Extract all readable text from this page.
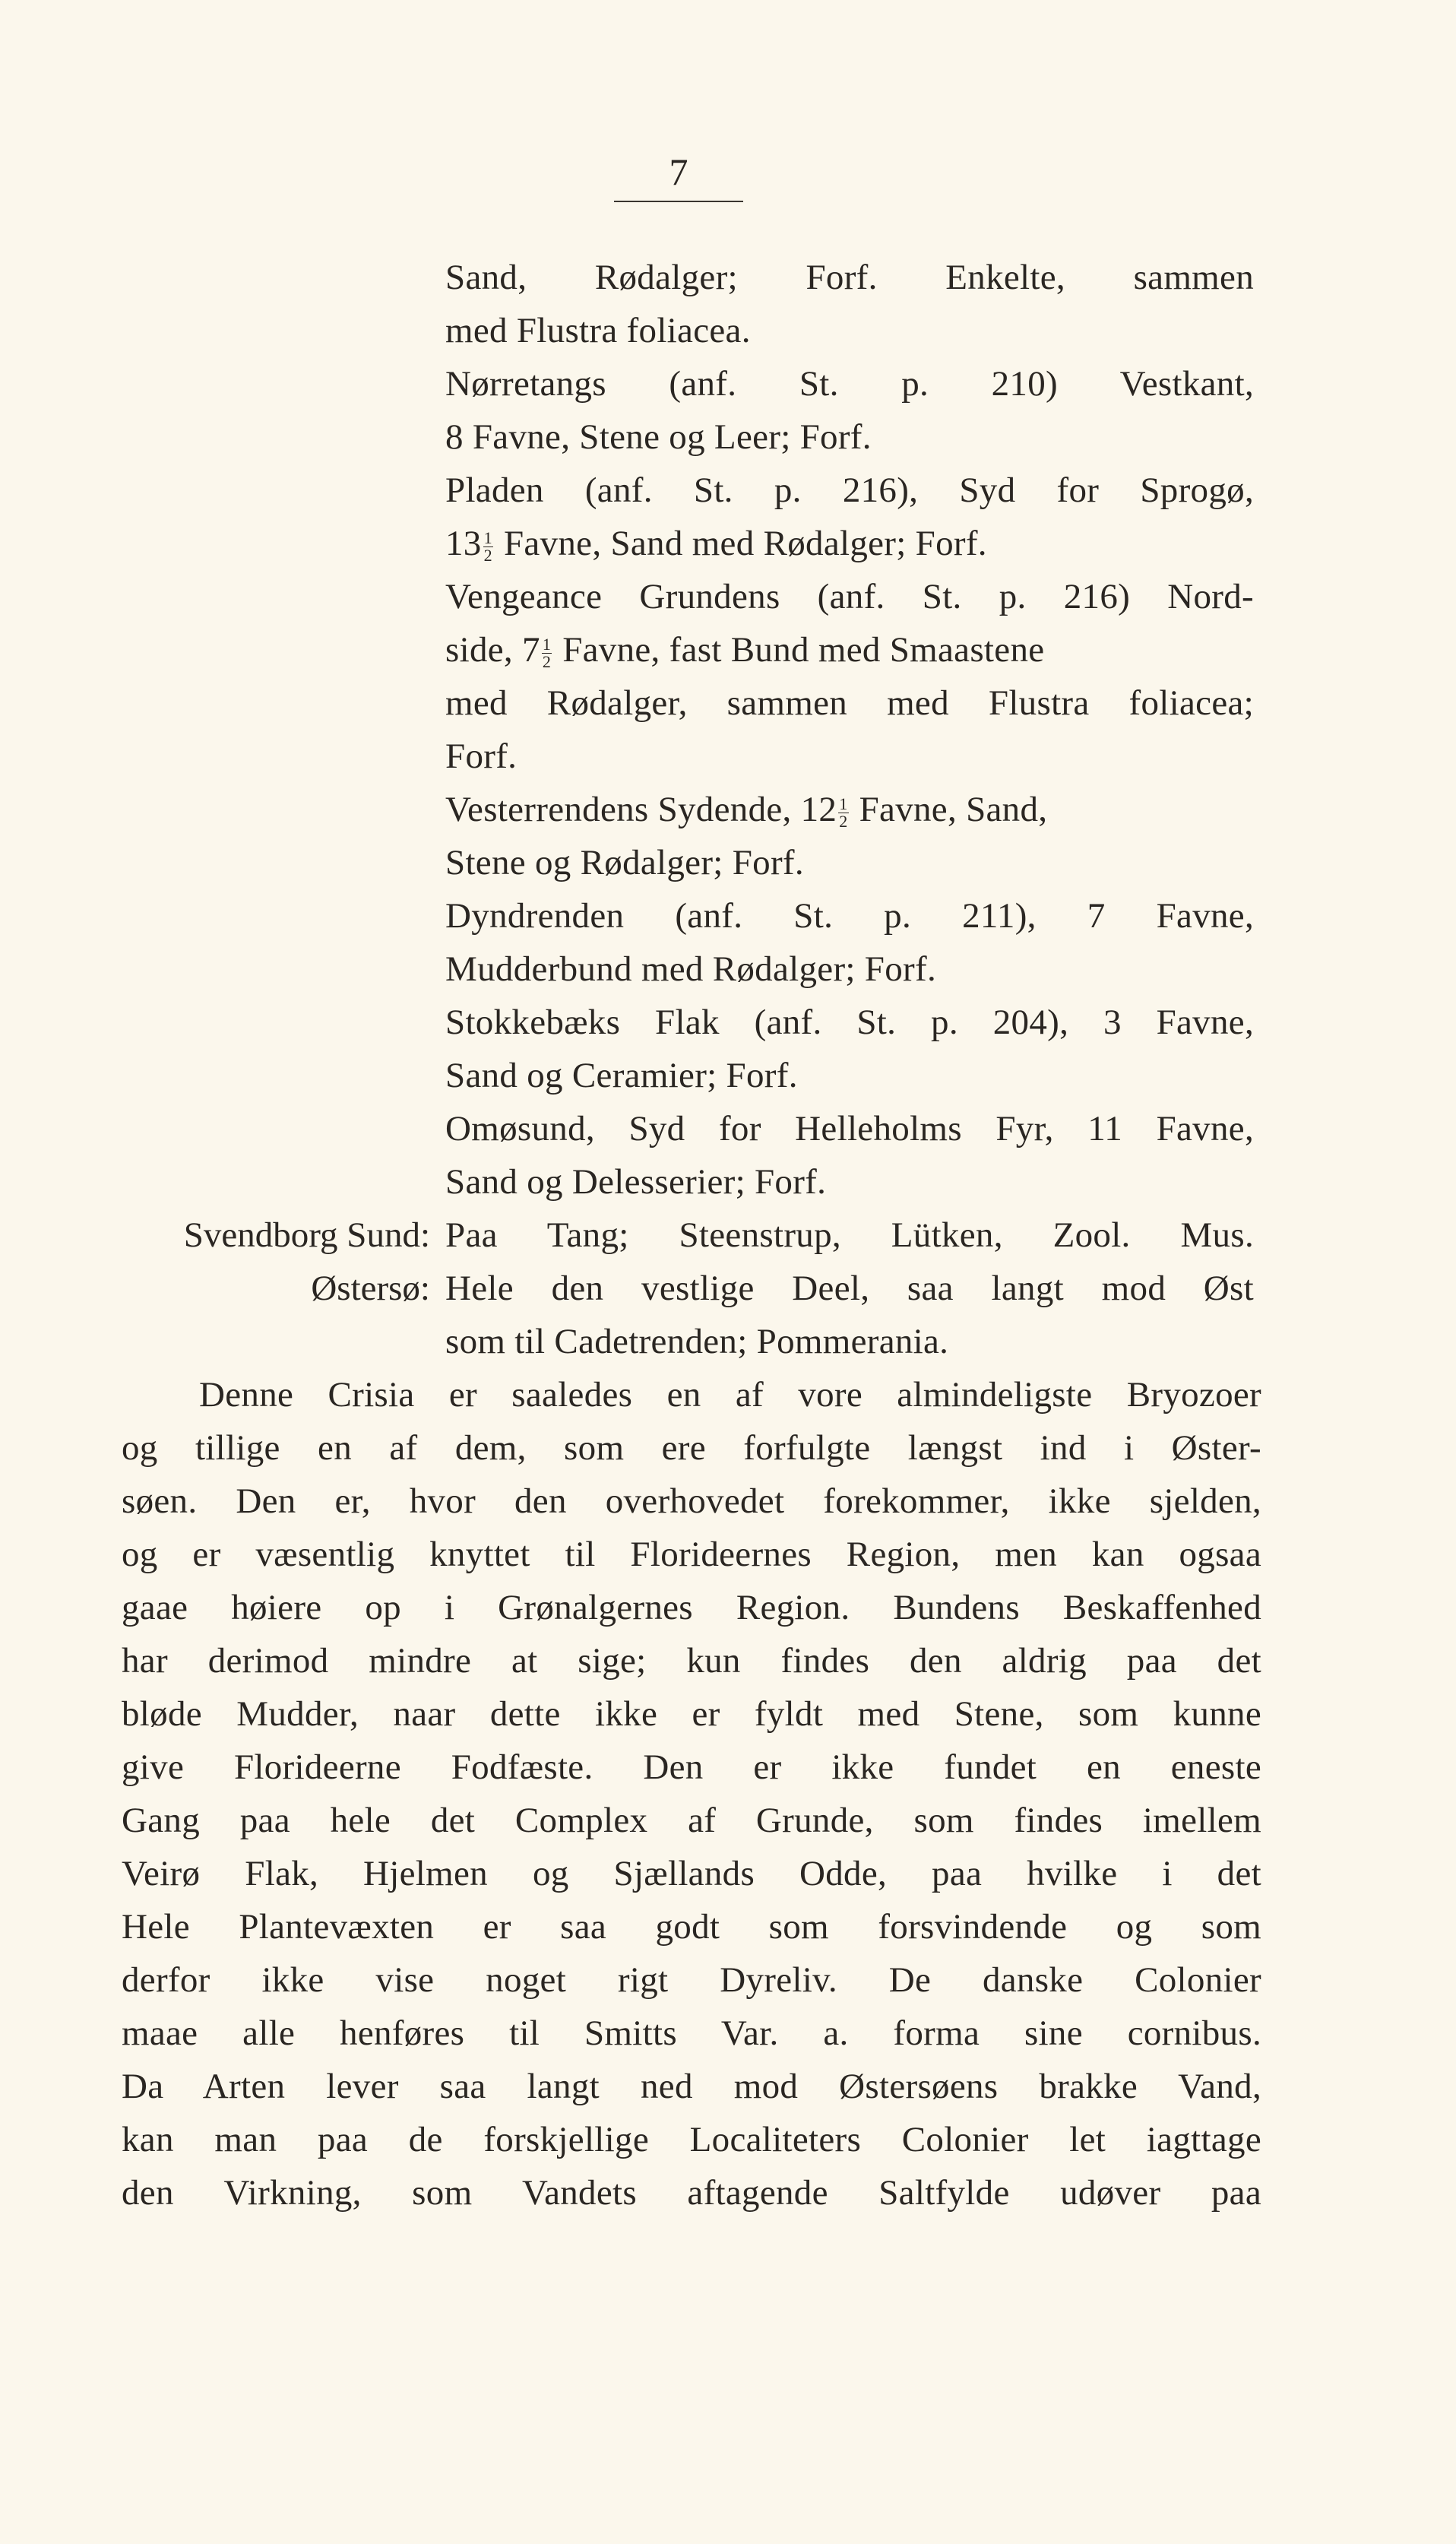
7
Sand, Rødalger; Forf. Enkelte, sammen
med Flustra foliacea.
Nørretangs (anf. St. p. 210) Vestkant,
8 Favne, Stene og Leer; Forf.
Pladen (anf. St. p. 216), Syd for Sprogø,
$13 \frac{1}{2}$ Favne, Sand med Rødalger; Forf.
Vengeance Grundens (anf. St. p. 216) Nord-
side, $7 \frac{1}{2}$ Favne, fast Bund med Smaastene
med Rødalger, sammen med Flustra foliacea;
Forf.
Vesterrendens Sydende, $12 \frac{1}{2}$ Favne, Sand,
Stene og Rødalger; Forf.
Dyndrenden (anf. St. p. 211), 7 Favne,
Mudderbund med Rødalger; Forf.
Stokkebæks Flak (anf. St. p. 204), 3 Favne,
Sand og Ceramier; Forf.
Omøsund, Syd for Helleholms Fyr, 11 Favne,
Sand og Delesserier; Forf.
Svendborg Sund: Paa Tang; Steenstrup, Lütken, Zool. Mus.
Østersø: Hele den vestlige Deel, saa langt mod Øst
som til Cadetrenden; Pommerania.
Denne Crisia er saaledes en af vore almindeligste Bryozoer
og tillige en af dem, som ere forfulgte længst ind i Øster-
søen. Den er, hvor den overhovedet forekommer, ikke sjelden,
og er væsentlig knyttet til Florideernes Region, men kan ogsaa
gaae høiere op i Grønalgernes Region. Bundens Beskaffenhed
har derimod mindre at sige; kun findes den aldrig paa det
bløde Mudder, naar dette ikke er fyldt med Stene, som kunne
give Florideerne Fodfæste. Den er ikke fundet en eneste
Gang paa hele det Complex af Grunde, som findes imellem
Veirø Flak, Hjelmen og Sjællands Odde, paa hvilke i det
Hele Plantevæxten er saa godt som forsvindende og som
derfor ikke vise noget rigt Dyreliv. De danske Colonier
maae alle henføres til Smitts Var. a. forma sine cornibus.
Da Arten lever saa langt ned mod Østersøens brakke Vand,
kan man paa de forskjellige Localiteters Colonier let iagttage
den Virkning, som Vandets aftagende Saltfylde udøver paa
